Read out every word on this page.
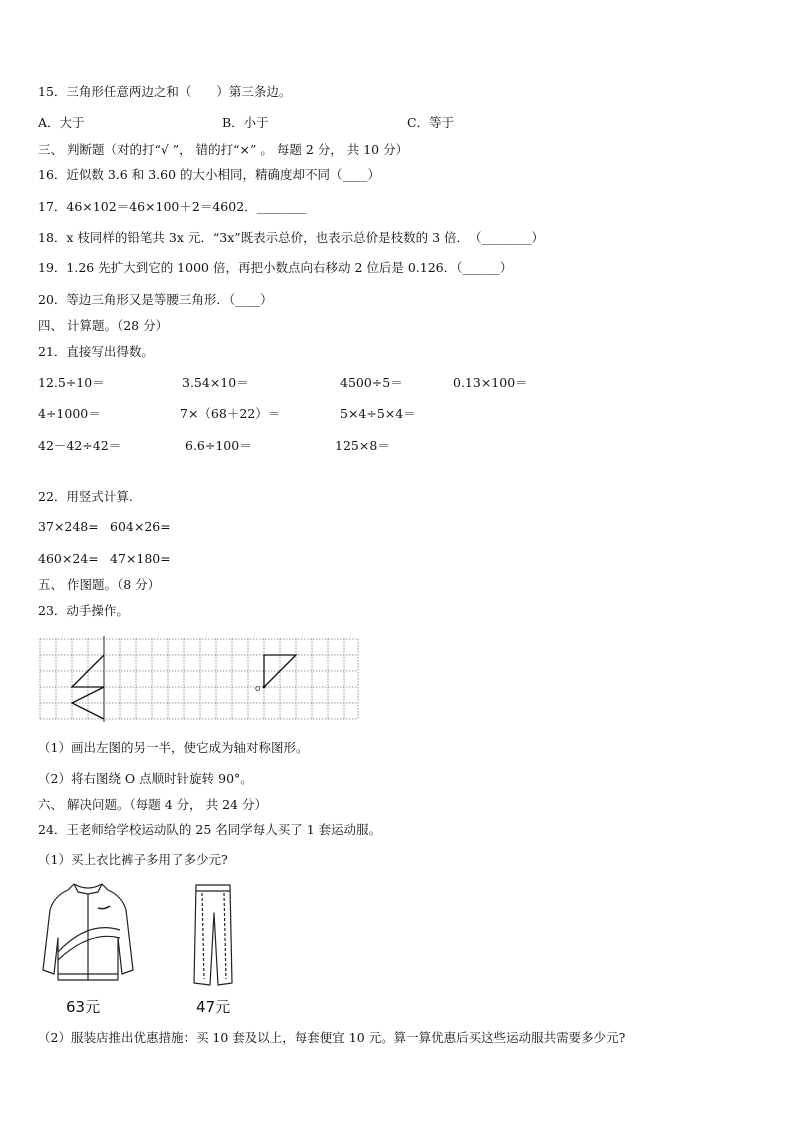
15．三角形任意两边之和（　　）第三条边。
A．大于	B．小于	C．等于
三、 判断题（对的打“√ ”， 错的打“×” 。 每题 2 分， 共 10 分）
16．近似数 3.6 和 3.60 的大小相同，精确度却不同（____）
17．46×102＝46×100＋2＝4602．________
18．x 枝同样的铅笔共 3x 元．“3x”既表示总价，也表示总价是枝数的 3 倍．　（________）
19．1.26 先扩大到它的 1000 倍，再把小数点向右移动 2 位后是 0.126．（______）
20．等边三角形又是等腰三角形．（____）
四、 计算题。（28 分）
21．直接写出得数。
12.5÷10＝	3.54×10＝	4500÷5＝	0.13×100＝
4÷1000＝	7×（68＋22）＝	5×4÷5×4＝
42－42÷42＝	6.6÷100＝	125×8＝
22．用竖式计算.
37×248= 604×26=
460×24= 47×180=
五、 作图题。（8 分）
23．动手操作。
O
（1）画出左图的另一半，使它成为轴对称图形。
（2）将右图绕 O 点顺时针旋转 90°。
六、 解决问题。（每题 4 分， 共 24 分）
24．王老师给学校运动队的 25 名同学每人买了 1 套运动服。
（1）买上衣比裤子多用了多少元?
63元	47元
（2）服装店推出优惠措施：买 10 套及以上，每套便宜 10 元。算一算优惠后买这些运动服共需要多少元?
